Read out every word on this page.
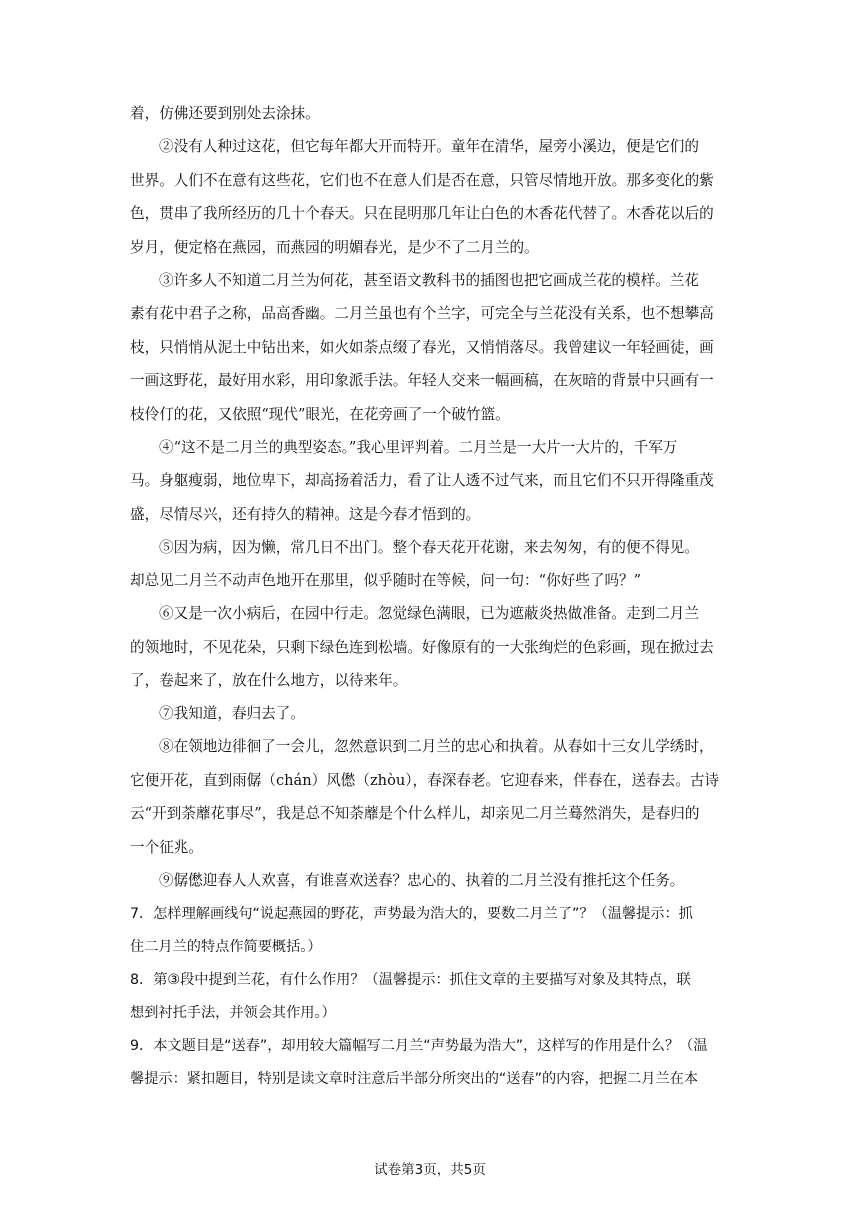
着，仿佛还要到别处去涂抹。
②没有人种过这花，但它每年都大开而特开。童年在清华，屋旁小溪边，便是它们的
世界。人们不在意有这些花，它们也不在意人们是否在意，只管尽情地开放。那多变化的紫
色，贯串了我所经历的几十个春天。只在昆明那几年让白色的木香花代替了。木香花以后的
岁月，便定格在燕园，而燕园的明媚春光，是少不了二月兰的。
③许多人不知道二月兰为何花，甚至语文教科书的插图也把它画成兰花的模样。兰花
素有花中君子之称，品高香幽。二月兰虽也有个兰字，可完全与兰花没有关系，也不想攀高
枝，只悄悄从泥土中钻出来，如火如荼点缀了春光，又悄悄落尽。我曾建议一年轻画徒，画
一画这野花，最好用水彩，用印象派手法。年轻人交来一幅画稿，在灰暗的背景中只画有一
枝伶仃的花，又依照“现代”眼光，在花旁画了一个破竹篮。
④“这不是二月兰的典型姿态。”我心里评判着。二月兰是一大片一大片的，千军万
马。身躯瘦弱，地位卑下，却高扬着活力，看了让人透不过气来，而且它们不只开得隆重茂
盛，尽情尽兴，还有持久的精神。这是今春才悟到的。
⑤因为病，因为懒，常几日不出门。整个春天花开花谢，来去匆匆，有的便不得见。
却总见二月兰不动声色地开在那里，似乎随时在等候，问一句：“你好些了吗？”
⑥又是一次小病后，在园中行走。忽觉绿色满眼，已为遮蔽炎热做准备。走到二月兰
的领地时，不见花朵，只剩下绿色连到松墙。好像原有的一大张绚烂的色彩画，现在掀过去
了，卷起来了，放在什么地方，以待来年。
⑦我知道，春归去了。
⑧在领地边徘徊了一会儿，忽然意识到二月兰的忠心和执着。从春如十三女儿学绣时，
它便开花，直到雨僝（chán）风僽（zhòu），春深春老。它迎春来，伴春在，送春去。古诗
云“开到荼蘼花事尽”，我是总不知荼蘼是个什么样儿，却亲见二月兰蓦然消失，是春归的
一个征兆。
⑨僝僽迎春人人欢喜，有谁喜欢送春？忠心的、执着的二月兰没有推托这个任务。
7．怎样理解画线句“说起燕园的野花，声势最为浩大的，要数二月兰了”？（温馨提示：抓
住二月兰的特点作简要概括。）
8．第③段中提到兰花，有什么作用？（温馨提示：抓住文章的主要描写对象及其特点，联
想到衬托手法，并领会其作用。）
9．本文题目是“送春”，却用较大篇幅写二月兰“声势最为浩大”，这样写的作用是什么？（温
馨提示：紧扣题目，特别是读文章时注意后半部分所突出的“送春”的内容，把握二月兰在本
试卷第3页，共5页
